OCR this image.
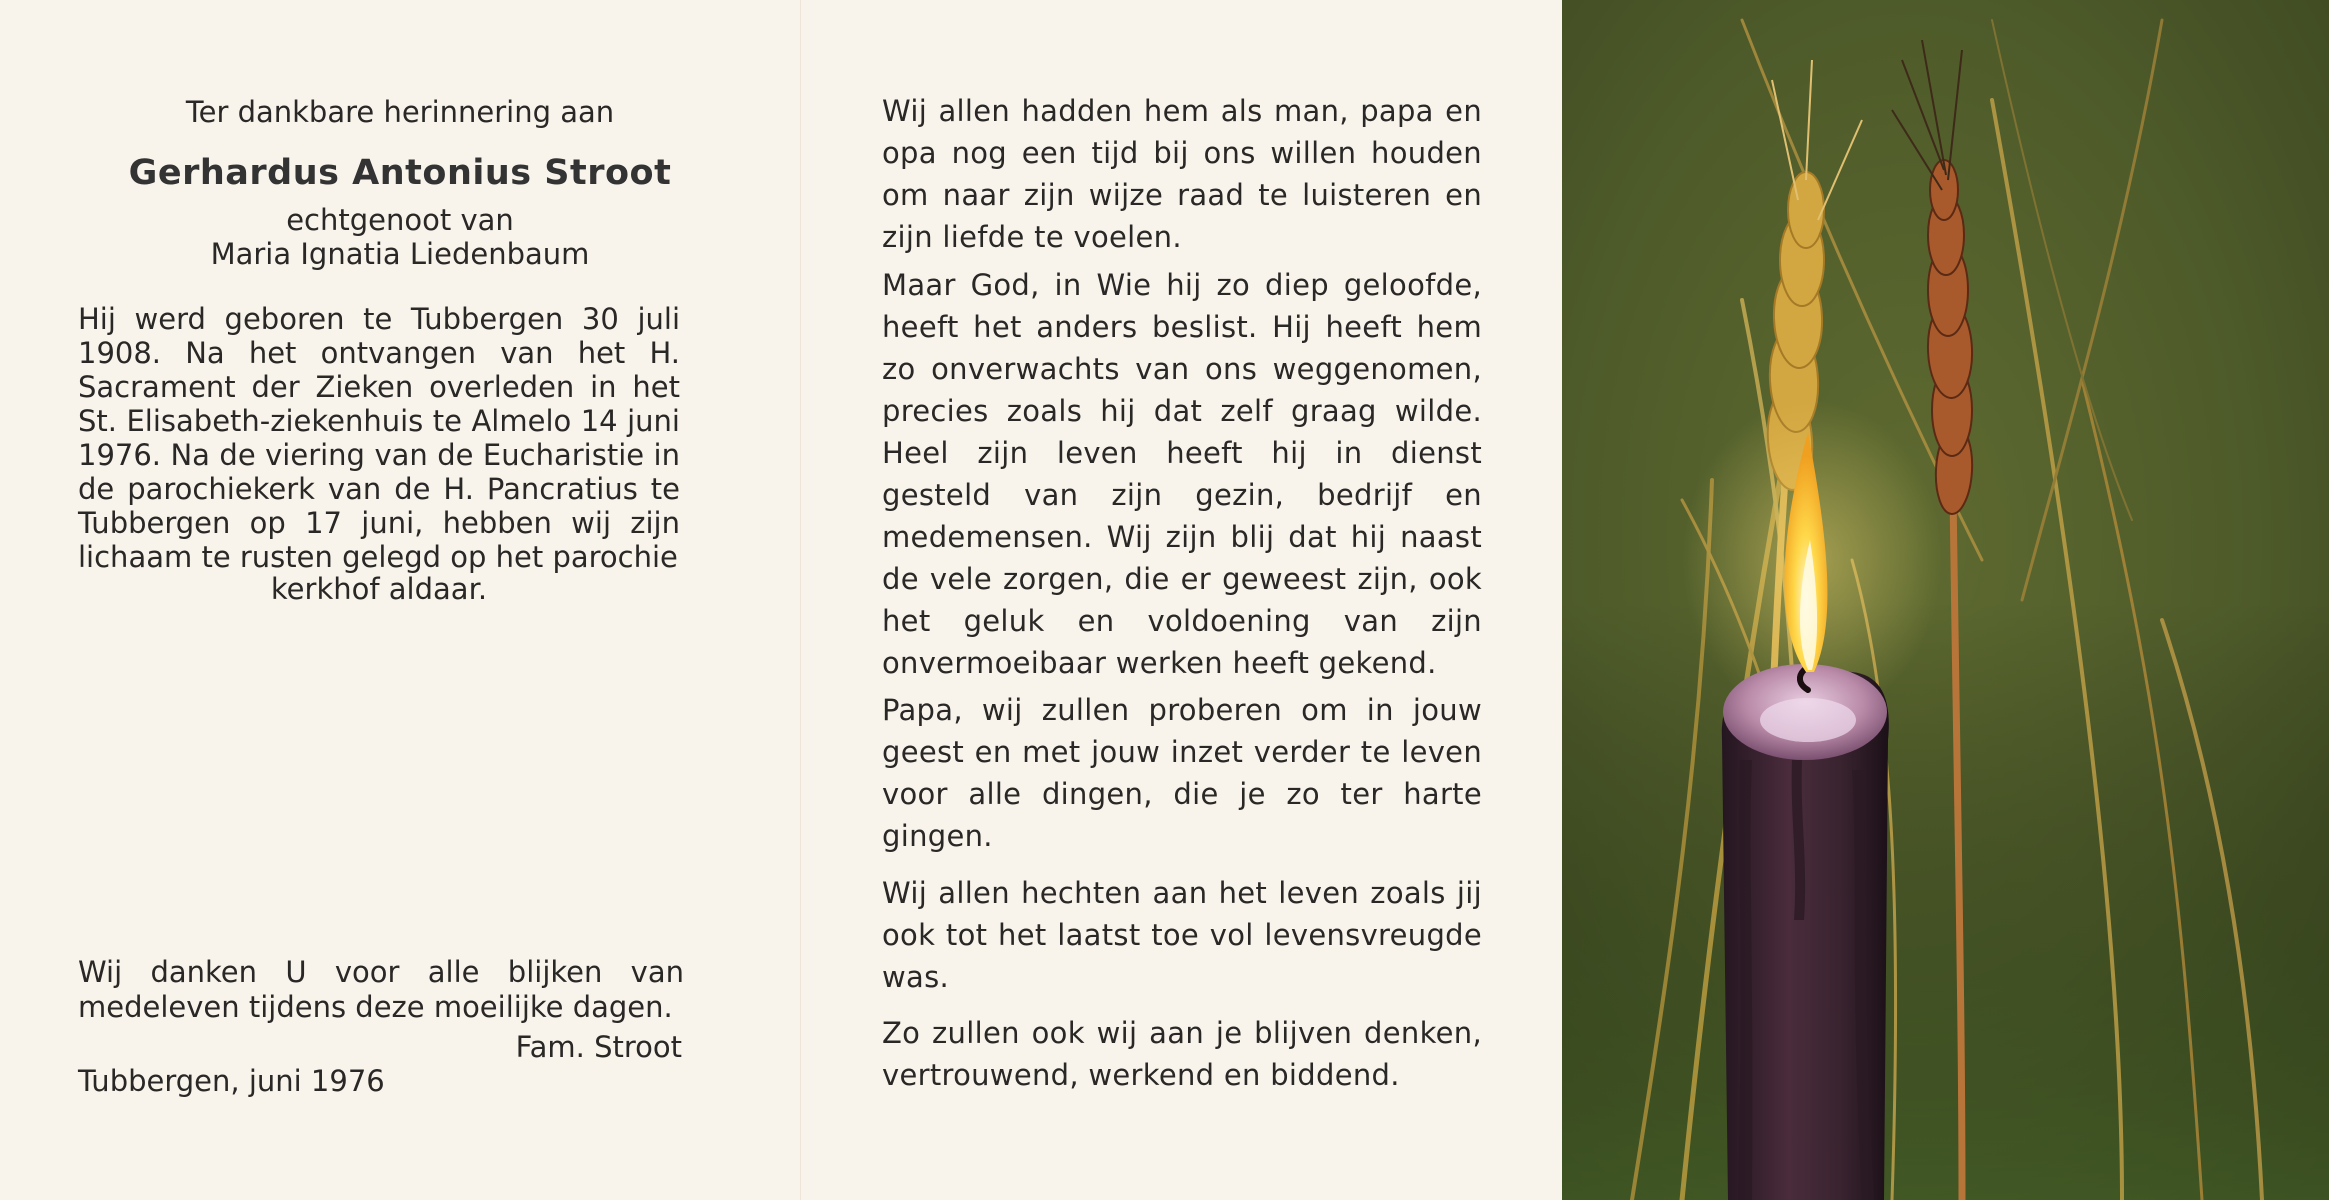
Ter dankbare herinnering aan
Gerhardus Antonius Stroot
echtgenoot van
Maria Ignatia Liedenbaum
Hij werd geboren te Tubbergen 30 juli 1908. Na het ontvangen van het H. Sacrament der Zieken overleden in het St. Elisabeth-ziekenhuis te Almelo 14 juni 1976. Na de viering van de Eucharistie in de parochiekerk van de H. Pancratius te Tubbergen op 17 juni, hebben wij zijn lichaam te rusten gelegd op het parochie
kerkhof aldaar.
Wij danken U voor alle blijken van medeleven tijdens deze moeilijke dagen.
Fam. Stroot
Tubbergen, juni 1976
Wij allen hadden hem als man, papa en opa nog een tijd bij ons willen houden om naar zijn wijze raad te luisteren en zijn liefde te voelen.
Maar God, in Wie hij zo diep geloofde, heeft het anders beslist. Hij heeft hem zo onverwachts van ons weggenomen, precies zoals hij dat zelf graag wilde. Heel zijn leven heeft hij in dienst gesteld van zijn gezin, bedrijf en medemensen. Wij zijn blij dat hij naast de vele zorgen, die er geweest zijn, ook het geluk en voldoening van zijn onvermoeibaar werken heeft gekend.
Papa, wij zullen proberen om in jouw geest en met jouw inzet verder te leven voor alle dingen, die je zo ter harte gingen.
Wij allen hechten aan het leven zoals jij ook tot het laatst toe vol levensvreugde was.
Zo zullen ook wij aan je blijven denken, vertrouwend, werkend en biddend.
